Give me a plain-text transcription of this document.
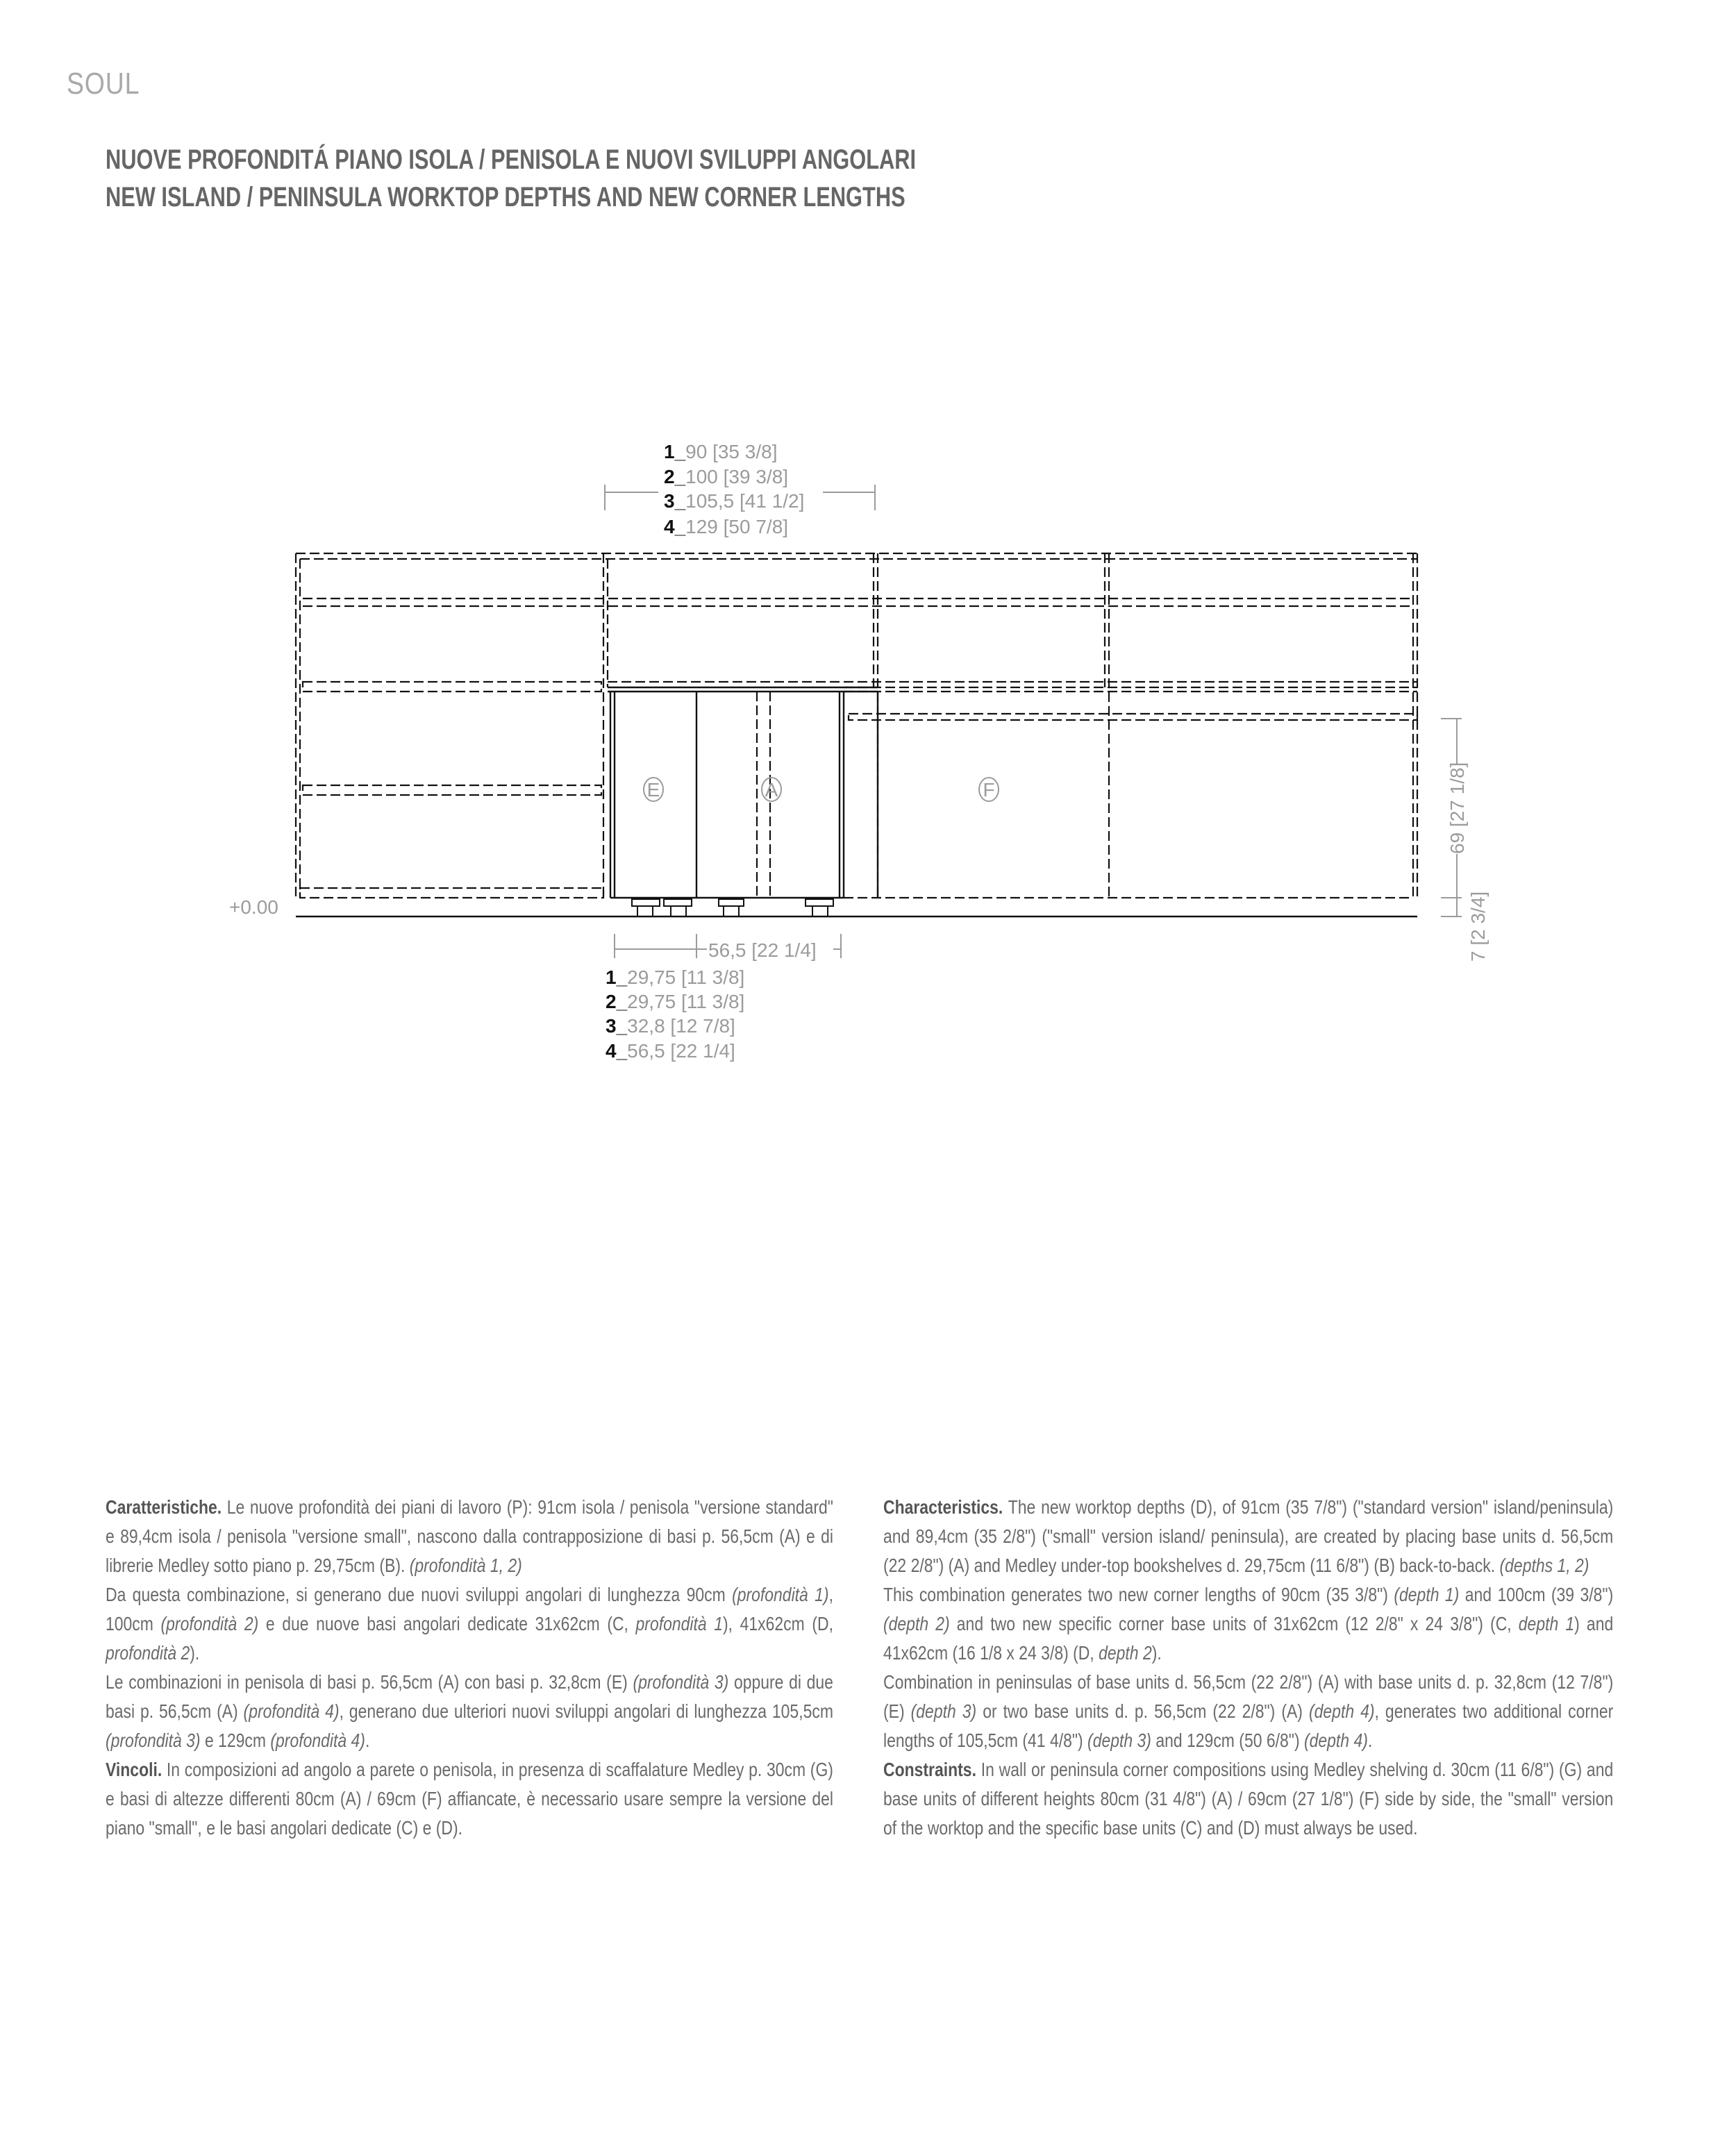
SOUL
NUOVE PROFONDITÁ PIANO ISOLA / PENISOLA E NUOVI SVILUPPI ANGOLARI
NEW ISLAND / PENINSULA WORKTOP DEPTHS AND NEW CORNER LENGTHS
E	A	F
+0.00
1_90 [35 3/8]
2_100 [39 3/8]
3_105,5 [41 1/2]
4_129 [50 7/8]
56,5 [22 1/4]
1_29,75 [11 3/8]
2_29,75 [11 3/8]
3_32,8 [12 7/8]
4_56,5 [22 1/4]
69 [27 1/8]
7 [2 3/4]

Caratteristiche. Le nuove profondità dei piani di lavoro (P): 91cm isola / penisola "versione standard" e 89,4cm isola / penisola "versione small", nascono dalla contrapposizione di basi p. 56,5cm (A) e di librerie Medley sotto piano p. 29,75cm (B). (profondità 1, 2)

Da questa combinazione, si generano due nuovi sviluppi angolari di lunghezza 90cm (profondità 1), 100cm (profondità 2) e due nuove basi angolari dedicate 31x62cm (C, profondità 1), 41x62cm (D, profondità 2).

Le combinazioni in penisola di basi p. 56,5cm (A) con basi p. 32,8cm (E) (profondità 3) oppure di due basi p. 56,5cm (A) (profondità 4), generano due ulteriori nuovi sviluppi angolari di lunghezza 105,5cm (profondità 3) e 129cm (profondità 4).

Vincoli. In composizioni ad angolo a parete o penisola, in presenza di scaffalature Medley p. 30cm (G) e basi di altezze differenti 80cm (A) / 69cm (F) affiancate, è necessario usare sempre la versione del piano "small", e le basi angolari dedicate (C) e (D).

Characteristics. The new worktop depths (D), of 91cm (35 7/8") ("standard version" island/peninsula) and 89,4cm (35 2/8") ("small" version island/ peninsula), are created by placing base units d. 56,5cm (22 2/8") (A) and Medley under-top bookshelves d. 29,75cm (11 6/8") (B) back-to-back. (depths 1, 2)

This combination generates two new corner lengths of 90cm (35 3/8") (depth 1) and 100cm (39 3/8") (depth 2) and two new specific corner base units of 31x62cm (12 2/8" x 24 3/8") (C, depth 1) and 41x62cm (16 1/8 x 24 3/8) (D, depth 2).

Combination in peninsulas of base units d. 56,5cm (22 2/8") (A) with base units d. p. 32,8cm (12 7/8") (E) (depth 3) or two base units d. p. 56,5cm (22 2/8") (A) (depth 4), generates two additional corner lengths of 105,5cm (41 4/8") (depth 3) and 129cm (50 6/8") (depth 4).

Constraints. In wall or peninsula corner compositions using Medley shelving d. 30cm (11 6/8") (G) and base units of different heights 80cm (31 4/8") (A) / 69cm (27 1/8") (F) side by side, the "small" version of the worktop and the specific base units (C) and (D) must always be used.
